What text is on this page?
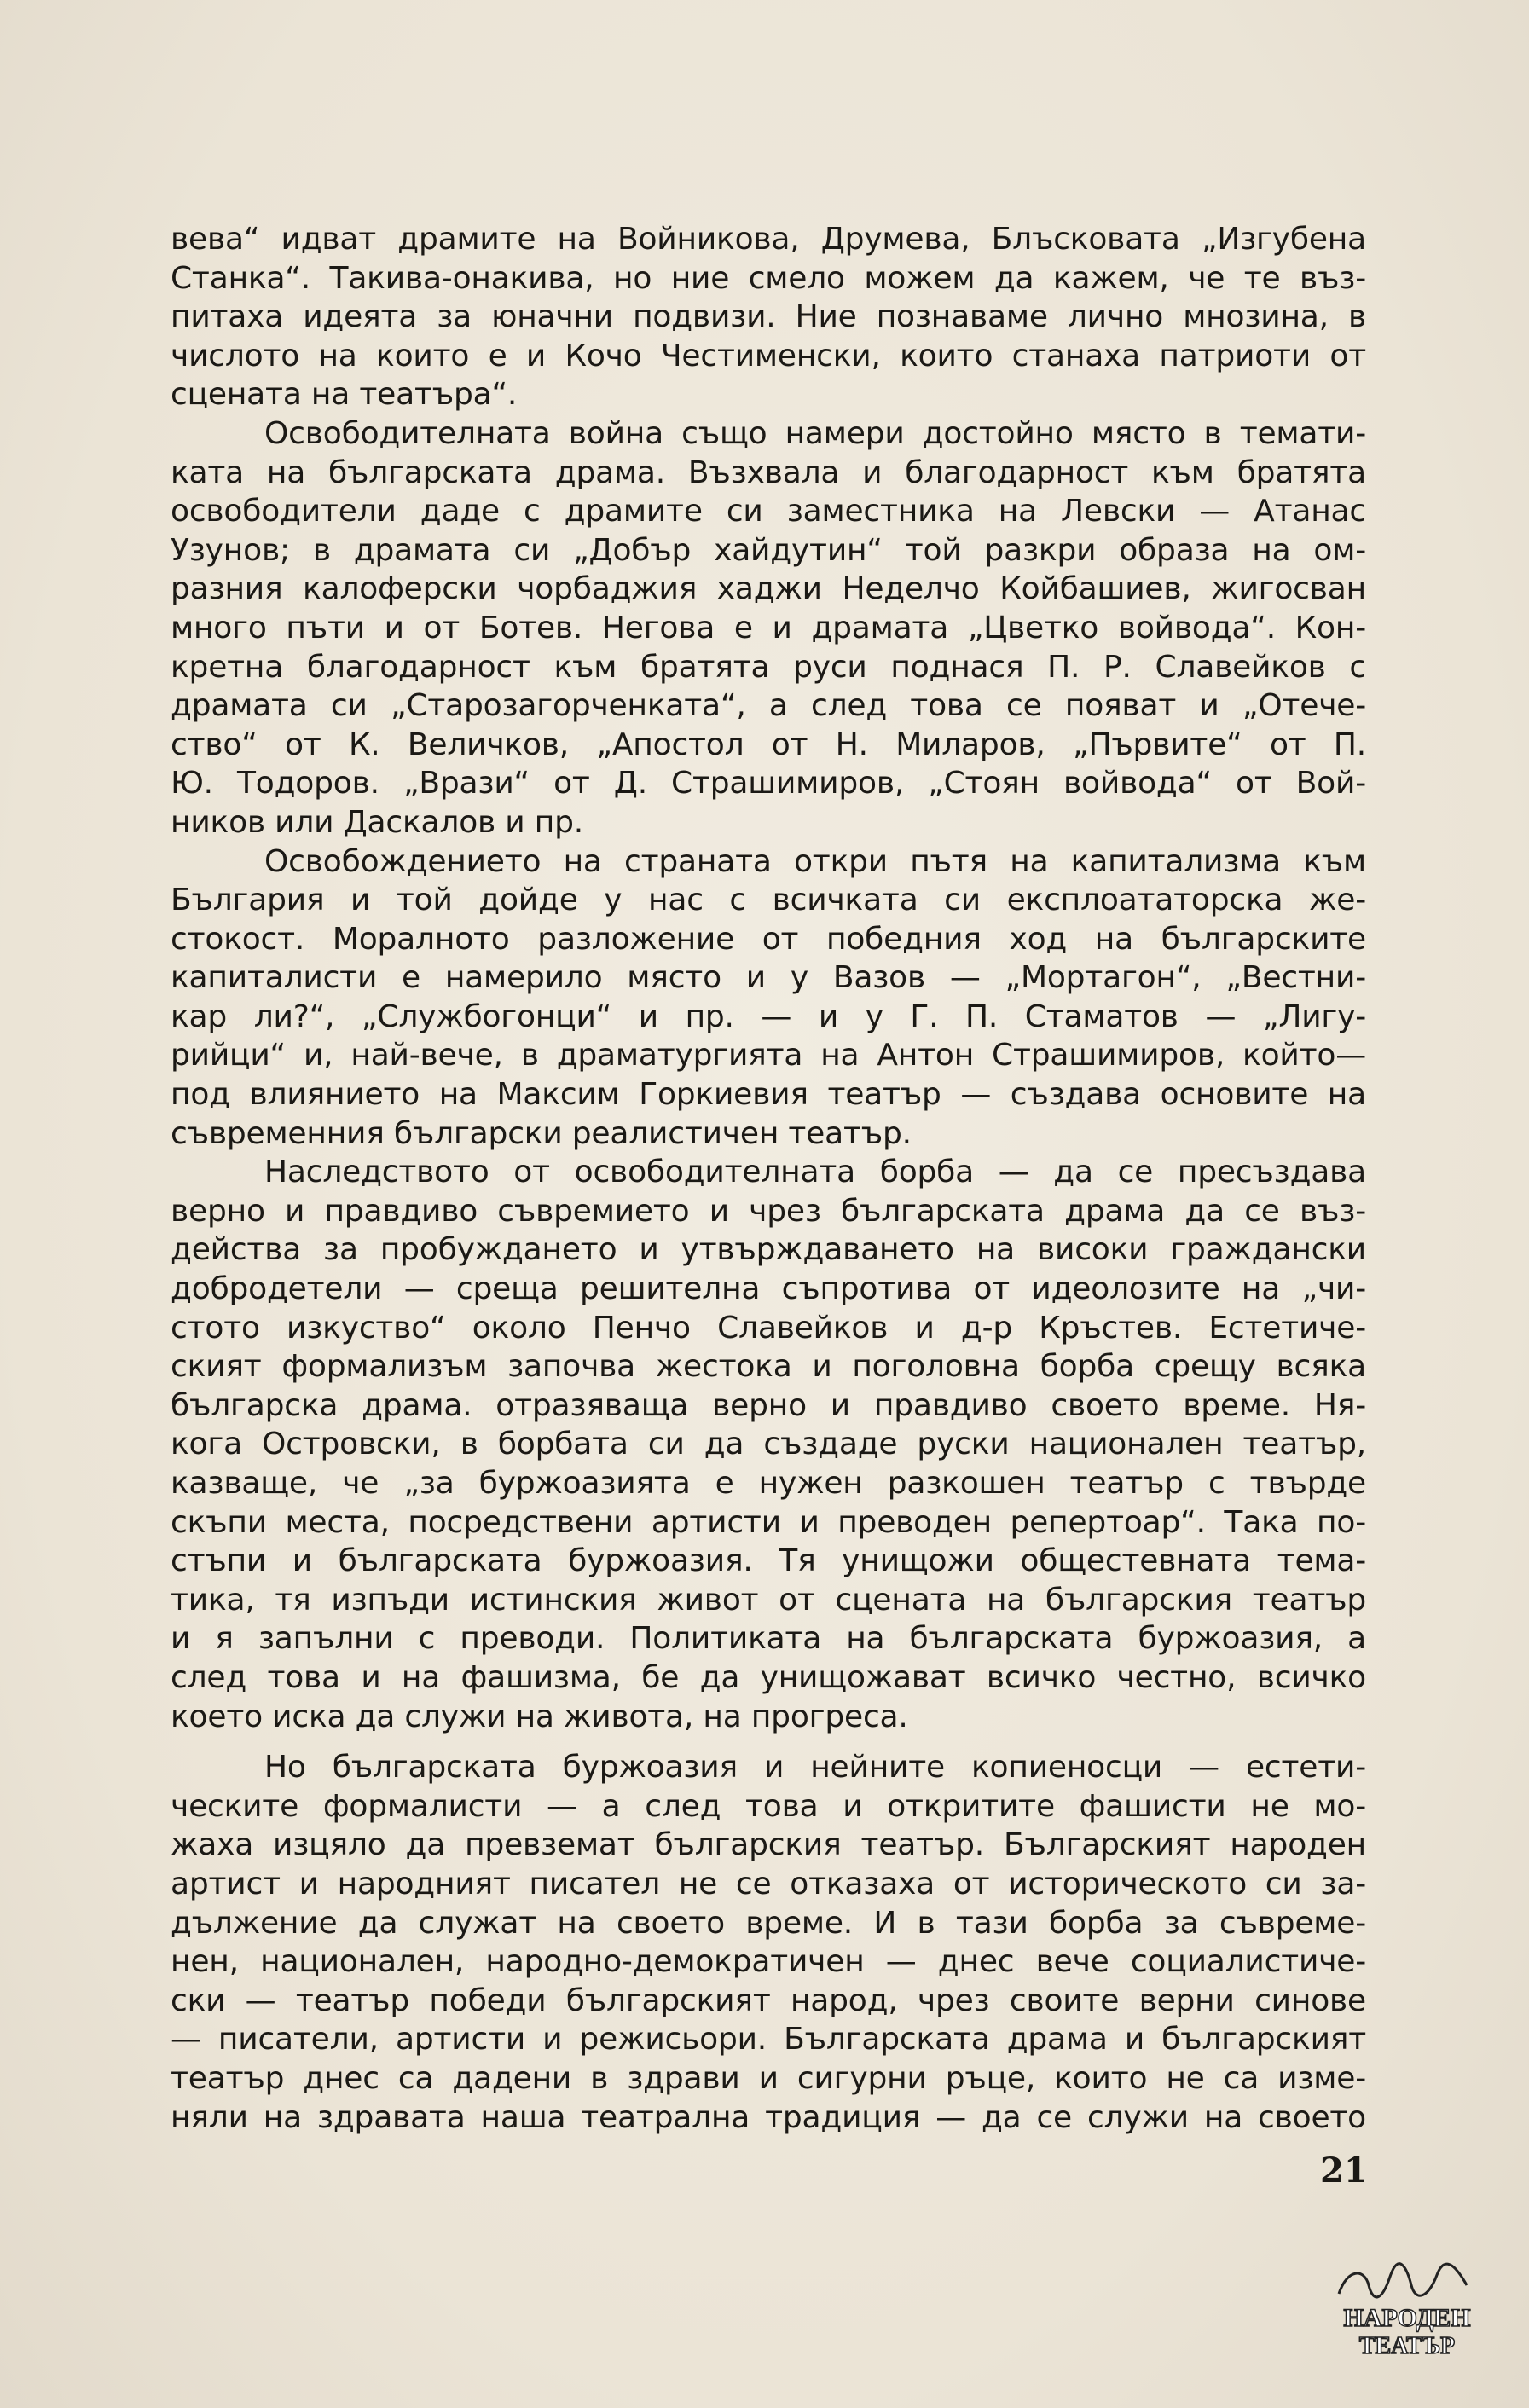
вева“ идват драмите на Войникова, Друмева, Блъсковата „Изгубена
Станка“. Такива-онакива, но ние смело можем да кажем, че те въз-
питаха идеята за юначни подвизи. Ние познаваме лично мнозина, в
числото на които е и Кочо Честименски, които станаха патриоти от
сцената на театъра“.
Освободителната война също намери достойно място в темати-
ката на българската драма. Възхвала и благодарност към братята
освободители даде с драмите си заместника на Левски — Атанас
Узунов; в драмата си „Добър хайдутин“ той разкри образа на ом-
разния калоферски чорбаджия хаджи Неделчо Койбашиев, жигосван
много пъти и от Ботев. Негова е и драмата „Цветко войвода“. Кон-
кретна благодарност към братята руси поднася П. Р. Славейков с
драмата си „Старозагорченката“, а след това се появат и „Отече-
ство“ от К. Величков, „Апостол от Н. Миларов, „Първите“ от П.
Ю. Тодоров. „Врази“ от Д. Страшимиров, „Стоян войвода“ от Вой-
ников или Даскалов и пр.
Освобождението на страната откри пътя на капитализма към
България и той дойде у нас с всичката си експлоататорска же-
стокост. Моралното разложение от победния ход на българските
капиталисти е намерило място и у Вазов — „Мортагон“, „Вестни-
кар ли?“, „Службогонци“ и пр. — и у Г. П. Стаматов — „Лигу-
рийци“ и, най-вече, в драматургията на Антон Страшимиров, който—
под влиянието на Максим Горкиевия театър — създава основите на
съвременния български реалистичен театър.
Наследството от освободителната борба — да се пресъздава
верно и правдиво съвремието и чрез българската драма да се въз-
действа за пробуждането и утвърждаването на високи граждански
добродетели — среща решителна съпротива от идеолозите на „чи-
стото изкуство“ около Пенчо Славейков и д-р Кръстев. Естетиче-
ският формализъм започва жестока и поголовна борба срещу всяка
българска драма. отразяваща верно и правдиво своето време. Ня-
кога Островски, в борбата си да създаде руски национален театър,
казваще, че „за буржоазията е нужен разкошен театър с твърде
скъпи места, посредствени артисти и преводен репертоар“. Така по-
стъпи и българската буржоазия. Тя унищожи общестевната тема-
тика, тя изпъди истинския живот от сцената на българския театър
и я запълни с преводи. Политиката на българската буржоазия, а
след това и на фашизма, бе да унищожават всичко честно, всичко
което иска да служи на живота, на прогреса.
Но българската буржоазия и нейните копиеносци — естети-
ческите формалисти — а след това и откритите фашисти не мо-
жаха изцяло да превземат българския театър. Българският народен
артист и народният писател не се отказаха от историческото си за-
дължение да служат на своето време. И в тази борба за съвреме-
нен, национален, народно-демократичен — днес вече социалистиче-
ски — театър победи българският народ, чрез своите верни синове
— писатели, артисти и режисьори. Българската драма и българският
театър днес са дадени в здрави и сигурни ръце, които не са изме-
няли на здравата наша театрална традиция — да се служи на своето
21
НАРОДЕН
ТЕАТЪР
